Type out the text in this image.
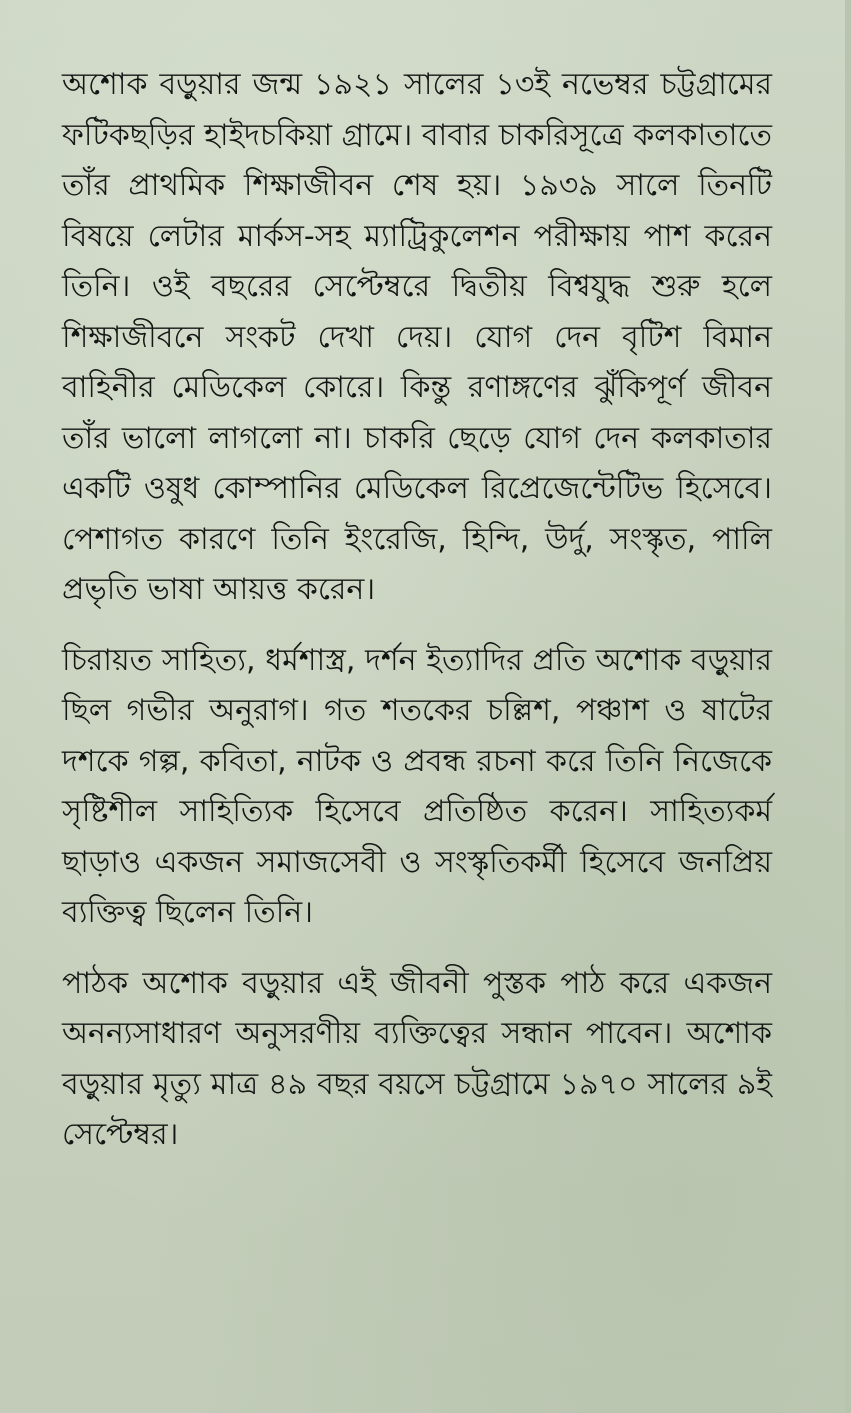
অশোক বড়ুয়ার জন্ম ১৯২১ সালের ১৩ই নভেম্বর চট্টগ্রামের ফটিকছড়ির হাইদচকিয়া গ্রামে। বাবার চাকরিসূত্রে কলকাতাতে তাঁর প্রাথমিক শিক্ষাজীবন শেষ হয়। ১৯৩৯ সালে তিনটি বিষয়ে লেটার মার্কস-সহ ম্যাট্রিকুলেশন পরীক্ষায় পাশ করেন তিনি। ওই বছরের সেপ্টেম্বরে দ্বিতীয় বিশ্বযুদ্ধ শুরু হলে শিক্ষাজীবনে সংকট দেখা দেয়। যোগ দেন বৃটিশ বিমান বাহিনীর মেডিকেল কোরে। কিন্তু রণাঙ্গণের ঝুঁকিপূর্ণ জীবন তাঁর ভালো লাগলো না। চাকরি ছেড়ে যোগ দেন কলকাতার একটি ওষুধ কোম্পানির মেডিকেল রিপ্রেজেন্টেটিভ হিসেবে। পেশাগত কারণে তিনি ইংরেজি, হিন্দি, উর্দু, সংস্কৃত, পালি প্রভৃতি ভাষা আয়ত্ত করেন।

চিরায়ত সাহিত্য, ধর্মশাস্ত্র, দর্শন ইত্যাদির প্রতি অশোক বড়ুয়ার ছিল গভীর অনুরাগ। গত শতকের চল্লিশ, পঞ্চাশ ও ষাটের দশকে গল্প, কবিতা, নাটক ও প্রবন্ধ রচনা করে তিনি নিজেকে সৃষ্টিশীল সাহিত্যিক হিসেবে প্রতিষ্ঠিত করেন। সাহিত্যকর্ম ছাড়াও একজন সমাজসেবী ও সংস্কৃতিকর্মী হিসেবে জনপ্রিয় ব্যক্তিত্ব ছিলেন তিনি।

পাঠক অশোক বড়ুয়ার এই জীবনী পুস্তক পাঠ করে একজন অনন্যসাধারণ অনুসরণীয় ব্যক্তিত্বের সন্ধান পাবেন। অশোক বড়ুয়ার মৃত্যু মাত্র ৪৯ বছর বয়সে চট্টগ্রামে ১৯৭০ সালের ৯ই সেপ্টেম্বর।
